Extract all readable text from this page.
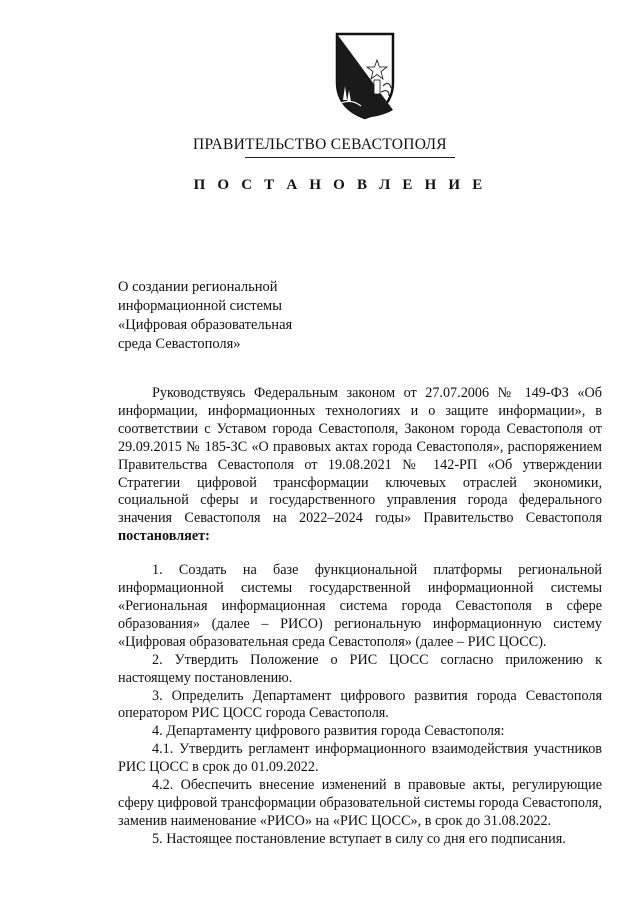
ПРАВИТЕЛЬСТВО СЕВАСТОПОЛЯ
П О С Т А Н О В Л Е Н И Е
О создании региональной
информационной системы
«Цифровая образовательная
среда Севастополя»

Руководствуясь Федеральным законом от 27.07.2006 № 149-ФЗ «Об информации, информационных технологиях и о защите информации», в соответствии с Уставом города Севастополя, Законом города Севастополя от 29.09.2015 № 185-ЗС «О правовых актах города Севастополя», распоряжением Правительства Севастополя от 19.08.2021 № 142-РП «Об утверждении Стратегии цифровой трансформации ключевых отраслей экономики, социальной сферы и государственного управления города федерального значения Севастополя на 2022–2024 годы» Правительство Севастополя постановляет:

1. Создать на базе функциональной платформы региональной информационной системы государственной информационной системы «Региональная информационная система города Севастополя в сфере образования» (далее – РИСО) региональную информационную систему «Цифровая образовательная среда Севастополя» (далее – РИС ЦОСС).

2. Утвердить Положение о РИС ЦОСС согласно приложению к настоящему постановлению.

3. Определить Департамент цифрового развития города Севастополя оператором РИС ЦОСС города Севастополя.

4. Департаменту цифрового развития города Севастополя:

4.1. Утвердить регламент информационного взаимодействия участников РИС ЦОСС в срок до 01.09.2022.

4.2. Обеспечить внесение изменений в правовые акты, регулирующие сферу цифровой трансформации образовательной системы города Севастополя, заменив наименование «РИСО» на «РИС ЦОСС», в срок до 31.08.2022.

5. Настоящее постановление вступает в силу со дня его подписания.
